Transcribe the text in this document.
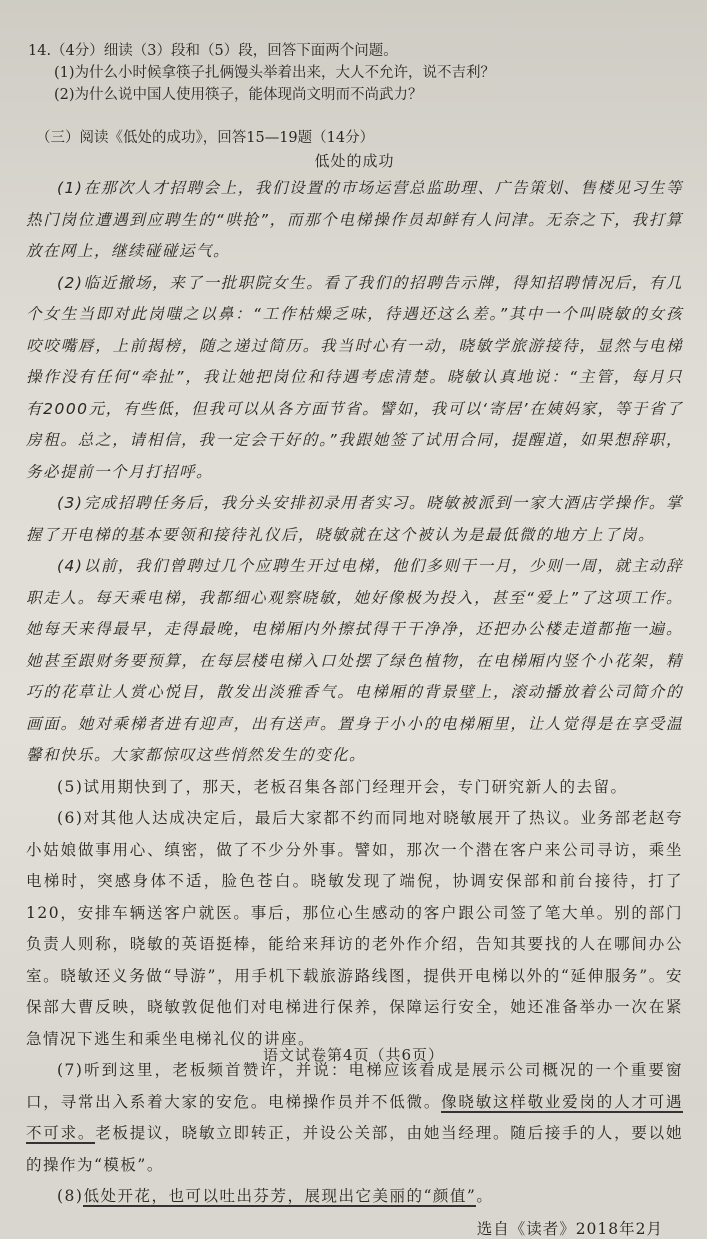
14.（4分）细读（3）段和（5）段，回答下面两个问题。
(1)为什么小时候拿筷子扎俩馒头举着出来，大人不允许，说不吉利？
(2)为什么说中国人使用筷子，能体现尚文明而不尚武力？
（三）阅读《低处的成功》，回答15—19题（14分）
低处的成功

(1)在那次人才招聘会上，我们设置的市场运营总监助理、广告策划、售楼见习生等热门岗位遭遇到应聘生的“哄抢”，而那个电梯操作员却鲜有人问津。无奈之下，我打算放在网上，继续碰碰运气。

(2)临近撤场，来了一批职院女生。看了我们的招聘告示牌，得知招聘情况后，有几个女生当即对此岗嗤之以鼻：“工作枯燥乏味，待遇还这么差。”其中一个叫晓敏的女孩咬咬嘴唇，上前揭榜，随之递过简历。我当时心有一动，晓敏学旅游接待，显然与电梯操作没有任何“牵扯”，我让她把岗位和待遇考虑清楚。晓敏认真地说：“主管，每月只有2000元，有些低，但我可以从各方面节省。譬如，我可以‘寄居’在姨妈家，等于省了房租。总之，请相信，我一定会干好的。”我跟她签了试用合同，提醒道，如果想辞职，务必提前一个月打招呼。

(3)完成招聘任务后，我分头安排初录用者实习。晓敏被派到一家大酒店学操作。掌握了开电梯的基本要领和接待礼仪后，晓敏就在这个被认为是最低微的地方上了岗。

(4)以前，我们曾聘过几个应聘生开过电梯，他们多则干一月，少则一周，就主动辞职走人。每天乘电梯，我都细心观察晓敏，她好像极为投入，甚至“爱上”了这项工作。她每天来得最早，走得最晚，电梯厢内外擦拭得干干净净，还把办公楼走道都拖一遍。她甚至跟财务要预算，在每层楼电梯入口处摆了绿色植物，在电梯厢内竖个小花架，精巧的花草让人赏心悦目，散发出淡雅香气。电梯厢的背景壁上，滚动播放着公司简介的画面。她对乘梯者进有迎声，出有送声。置身于小小的电梯厢里，让人觉得是在享受温馨和快乐。大家都惊叹这些悄然发生的变化。

(5)试用期快到了，那天，老板召集各部门经理开会，专门研究新人的去留。

(6)对其他人达成决定后，最后大家都不约而同地对晓敏展开了热议。业务部老赵夸小姑娘做事用心、缜密，做了不少分外事。譬如，那次一个潜在客户来公司寻访，乘坐电梯时，突感身体不适，脸色苍白。晓敏发现了端倪，协调安保部和前台接待，打了120，安排车辆送客户就医。事后，那位心生感动的客户跟公司签了笔大单。别的部门负责人则称，晓敏的英语挺棒，能给来拜访的老外作介绍，告知其要找的人在哪间办公室。晓敏还义务做“导游”，用手机下载旅游路线图，提供开电梯以外的“延伸服务”。安保部大曹反映，晓敏敦促他们对电梯进行保养，保障运行安全，她还准备举办一次在紧急情况下逃生和乘坐电梯礼仪的讲座。

(7)听到这里，老板频首赞许，并说：电梯应该看成是展示公司概况的一个重要窗口，寻常出入系着大家的安危。电梯操作员并不低微。像晓敏这样敬业爱岗的人才可遇不可求。老板提议，晓敏立即转正，并设公关部，由她当经理。随后接手的人，要以她的操作为“模板”。

(8)低处开花，也可以吐出芬芳，展现出它美丽的“颜值”。

选自《读者》2018年2月
语文试卷第4页（共6页）
